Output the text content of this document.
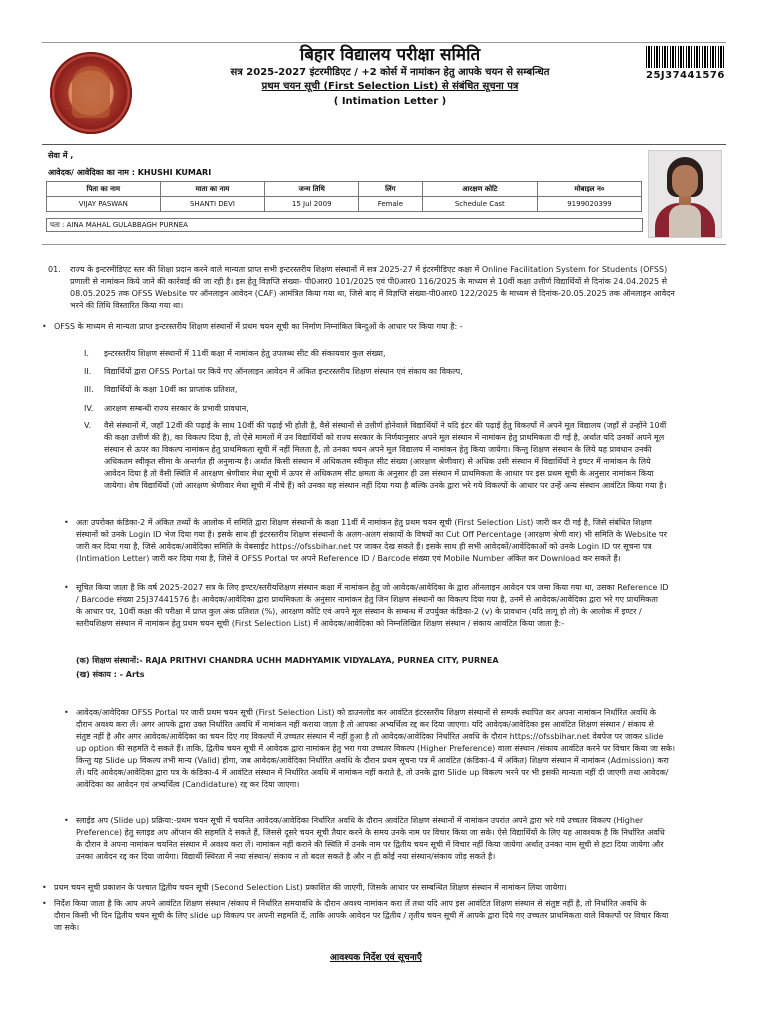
बिहार विद्यालय परीक्षा समिति
सत्र 2025-2027 इंटरमीडिएट / +2 कोर्स में नामांकन हेतु आपके चयन से सम्बन्धित
प्रथम चयन सूची (First Selection List) से संबंधित सूचना पत्र
( Intimation Letter )
25J37441576
सेवा में ,
आवेदक/ आवेदिका का नाम : KHUSHI KUMARI
पिता का नाम	माता का नाम	जन्म तिथि	लिंग	आरक्षण कोटि	मोबाइल न०
VIJAY PASWAN	SHANTI DEVI	15 Jul 2009	Female	Schedule Cast	9199020399
पता : AINA MAHAL GULABBAGH PURNEA
01. राज्य के इन्टरमीडिएट स्तर की शिक्षा प्रदान करने वाले मान्यता प्राप्त सभी इन्टरस्तरीय शिक्षण संस्थानों में सत्र 2025-27 में इंटरमीडिएट कक्षा में Online Facilitation System for Students (OFSS)
प्रणाली से नामांकन किये जाने की कार्रवाई की जा रही है। इस हेतु विज्ञप्ति संख्या- पी0आर0 101/2025 एवं पी0आर0 116/2025 के माध्यम से 10वीं कक्षा उत्तीर्ण विद्यार्थियों से दिनांक 24.04.2025 से
08.05.2025 तक OFSS Website पर ऑनलाइन आवेदन (CAF) आमंत्रित किया गया था, जिसे बाद में विज्ञप्ति संख्या-पी0आर0 122/2025 के माध्यम से दिनांक-20.05.2025 तक ऑनलाइन आवेदन
भरने की तिथि विस्तारित किया गया था।
• OFSS के माध्यम से मान्यता प्राप्त इन्टरस्तरीय शिक्षण संस्थानों में प्रथम चयन सूची का निर्माण निम्नांकित बिन्दुओं के आधार पर किया गया है: -
I. इन्टरस्तरीय शिक्षण संस्थानों में 11वीं कक्षा में नामांकन हेतु उपलब्ध सीट की संकायवार कुल संख्या,
II. विद्यार्थियों द्वारा OFSS Portal पर किये गए ऑनलाइन आवेदन में अंकित इन्टरस्तरीय शिक्षण संस्थान एवं संकाय का विकल्प,
III. विद्यार्थियों के कक्षा 10वीं का प्राप्तांक प्रतिशत,
IV. आरक्षण सम्बन्धी राज्य सरकार के प्रभावी प्रावधान,
V. वैसे संस्थानों में, जहाँ 12वीं की पढ़ाई के साथ 10वीं की पढ़ाई भी होती है, वैसे संस्थानों से उत्तीर्ण होनेवाले विद्यार्थियों ने यदि इंटर की पढ़ाई हेतु विकल्पों में अपने मूल विद्यालय (जहाँ से उन्होंने 10वीं
की कक्षा उत्तीर्ण की है), का विकल्प दिया है, तो ऐसे मामलों में उन विद्यार्थियों को राज्य सरकार के निर्णयानुसार अपने मूल संस्थान में नामांकन हेतु प्राथमिकता दी गई है, अर्थात यदि उनकों अपने मूल
संस्थान से ऊपर का विकल्प नामांकन हेतु प्राथमिकता सूची में नहीं मिलता है, तो उनका चयन अपने मूल विद्यालय में नामांकन हेतु किया जायेगा। किन्तु शिक्षण संस्थान के लिये यह प्रावधान उनकी
अधिकतम स्वीकृत सीमा के अन्तर्गत ही अनुमान्य है। अर्थात किसी संस्थान में अधिकतम स्वीकृत सीट संख्या (आरक्षण श्रेणीवार) से अधिक उसी संस्थान में विद्यार्थियों ने इण्टर में नामांकन के लिये
आवेदन दिया है तो वैसी स्थिति में आरक्षण श्रेणीवार मेधा सूची में ऊपर से अधिकतम सीट क्षमता के अनुसार ही उस संस्थान में प्राथमिकता के आधार पर इस प्रथम सूची के अनुसार नामांकन किया
जायेगा। शेष विद्यार्थियों (जो आरक्षण श्रेणीवार मेधा सूची में नीचे हैं) को उनका वह संस्थान नहीं दिया गया है बल्कि उनके द्वारा भरे गये विकल्पों के आधार पर उन्हें अन्य संस्थान आवंटित किया गया है।
• अतः उपरोक्त कंडिका-2 में अंकित तथ्यों के आलोक में समिति द्वारा शिक्षण संस्थानों के कक्षा 11वीं में नामांकन हेतु प्रथम चयन सूची (First Selection List) जारी कर दी गई है, जिसे संबंधित शिक्षण
संस्थानों को उनके Login ID भेज दिया गया है। इसके साथ ही इंटरस्तरीय शिक्षण संस्थानों के अलग-अलग संकायों के विषयों का Cut Off Percentage (आरक्षण श्रेणी वार) भी समिति के Website पर
जारी कर दिया गया है, जिसे आवेदक/आवेदिका समिति के वेबसाईट https://ofssbihar.net पर जाकर देख सकते हैं। इसके साथ ही सभी आवेदकों/आवेदिकाओं को उनके Login ID पर सूचना पत्र
(Intimation Letter) जारी कर दिया गया है, जिसे वे OFSS Portal पर अपने Reference ID / Barcode संख्या एवं Mobile Number अंकित कर Download कर सकते हैं।
• सूचित किया जाता है कि वर्ष 2025-2027 सत्र के लिए इण्टर/स्तरीयशिक्षण संस्थान कक्षा में नामांकन हेतु जो आवेदक/आवेदिका के द्वारा ऑनलाइन आवेदन पत्र जमा किया गया था, उसका Reference ID
/ Barcode संख्या 25J37441576 है। आवेदक/आवेदिका द्वारा प्राथमिकता के अनुसार नामांकन हेतु जिन शिक्षण संस्थानों का विकल्प दिया गया है, उनमें से आवेदक/आवेदिका द्वारा भरे गए प्राथमिकता
के आधार पर, 10वीं कक्षा की परीक्षा में प्राप्त कुल अंक प्रतिशत (%), आरक्षण कोटि एवं अपने मूल संस्थान के सम्बन्ध में उपर्युक्त कंडिका-2 (v) के प्रावधान (यदि लागू हो तो) के आलोक में इण्टर /
स्तरीयशिक्षण संस्थान में नामांकन हेतु प्रथम चयन सूची (First Selection List) में आवेदक/आवेदिका को निम्नलिखित शिक्षण संस्थान / संकाय आवंटित किया जाता है:-
(क) शिक्षण संस्थानों:- RAJA PRITHVI CHANDRA UCHH MADHYAMIK VIDYALAYA, PURNEA CITY, PURNEA
(ख) संकाय : - Arts
• आवेदक/आवेदिका OFSS Portal पर जारी प्रथम चयन सूची (First Selection List) को डाउनलोड कर आवंटित इंटरस्तरीय शिक्षण संस्थानों से सम्पर्क स्थापित कर अपना नामांकन निर्धारित अवधि के
दौरान अवश्य करा लें। अगर आपके द्वारा उक्त निर्धारित अवधि में नामांकन नहीं कराया जाता है तो आपका अभ्यर्थित्व रद्द कर दिया जाएगा। यदि आवेदक/आवेदिका इस आवंटित शिक्षण संस्थान / संकाय से
संतुष्ट नहीं है और अगर आवेदक/आवेदिका का चयन दिए गए विकल्पों में उच्चतर संस्थान में नहीं हुआ है तो आवेदक/आवेदिका निर्धारित अवधि के दौरान https://ofssbihar.net वेबपेज पर जाकर slide
up option की सहमति दे सकते हैं। ताकि, द्वितीय चयन सूची में आवेदक द्वारा नामांकन हेतु भरा गया उच्चतर विकल्प (Higher Preference) वाला संस्थान /संकाय आवंटित करने पर विचार किया जा सके।
किन्तु यह Slide up विकल्प तभी मान्य (Valid) होगा, जब आवेदक/आवेदिका निर्धारित अवधि के दौरान प्रथम सूचना पत्र में आवंटित (कंडिका-4 में अंकित) शिक्षण संस्थान में नामांकन (Admission) करा
लें। यदि आवेदक/आवेदिका द्वारा पत्र के कंडिका-4 में आवंटित संस्थान में निर्धारित अवधि में नामांकन नहीं कराते है, तो उनके द्वारा Slide up विकल्प भरने पर भी इसकी मान्यता नहीं दी जाएगी तथा आवेदक/
आवेदिका का आवेदन एवं अभ्यर्थित्व (Candidature) रद्द कर दिया जाएगा।
• स्लाईड अप (Slide up) प्रक्रिया:-प्रथम चयन सूची में चयनित आवेदक/आवेदिका निर्धारित अवधि के दौरान आवंटित शिक्षण संस्थानों में नामांकन उपरांत अपने द्वारा भरे गये उच्चतर विकल्प (Higher
Preference) हेतु स्लाइड अप ऑप्शन की सहमति दे सकते हैं, जिससे दूसरे चयन सूची तैयार करने के समय उनके नाम पर विचार किया जा सके। ऐसे विद्यार्थियों के लिए यह आवश्यक है कि निर्धारित अवधि
के दौरान वे अपना नामांकन चयनित संस्थान में अवश्य करा लें। नामांकन नहीं कराने की स्थिति में उनके नाम पर द्वितीय चयन सूची में विचार नहीं किया जायेगा अर्थात् उनका नाम सूची से हटा दिया जायेगा और
उनका आवेदन रद्द कर दिया जायेगा। विद्यार्थी स्थिरता में नया संस्थान/ संकाय न तो बदल सकते है और न ही कोई नया संस्थान/संकाय जोड़ सकते है।
• प्रथम चयन सूची प्रकाशन के पश्चात द्वितीय चयन सूची (Second Selection List) प्रकाशित की जाएगी, जिसके आधार पर सम्बन्धित शिक्षण संस्थान में नामांकन लिया जायेगा।
• निर्देश किया जाता है कि आप अपने आवंटित शिक्षण संस्थान /संकाय में निर्धारित समयावधि के दौरान अवश्य नामांकन करा लें तथा यदि आप इस आवंटित शिक्षण संस्थान से संतुष्ट नहीं है, तो निर्धारित अवधि के
दौरान किसी भी दिन द्वितीय चयन सूची के लिए slide up विकल्प पर अपनी सहमति दें, ताकि आपके आवेदन पर द्वितीय / तृतीय चयन सूची में आपके द्वारा दिये गए उच्चतर प्राथमिकता वाले विकल्पों पर विचार किया
जा सके।
आवश्यक निर्देश एवं सूचनाएँ
